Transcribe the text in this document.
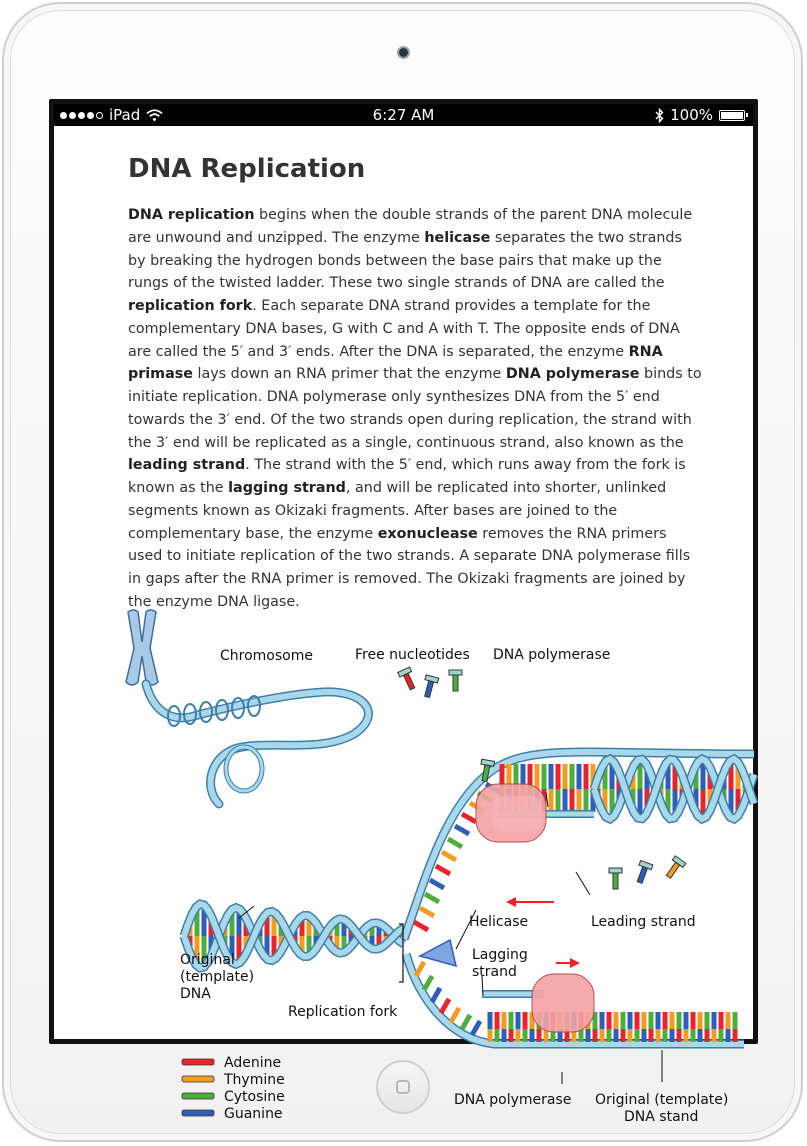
iPad	6:27 AM	100%
DNA Replication

DNA replication begins when the double strands of the parent DNA molecule are unwound and unzipped. The enzyme helicase separates the two strands by breaking the hydrogen bonds between the base pairs that make up the rungs of the twisted ladder. These two single strands of DNA are called the replication fork. Each separate DNA strand provides a template for the complementary DNA bases, G with C and A with T. The opposite ends of DNA are called the 5′ and 3′ ends. After the DNA is separated, the enzyme RNA primase lays down an RNA primer that the enzyme DNA polymerase binds to initiate replication. DNA polymerase only synthesizes DNA from the 5′ end towards the 3′ end. Of the two strands open during replication, the strand with the 3′ end will be replicated as a single, continuous strand, also known as the leading strand. The strand with the 5′ end, which runs away from the fork is known as the lagging strand, and will be replicated into shorter, unlinked segments known as Okizaki fragments. After bases are joined to the complementary base, the enzyme exonuclease removes the RNA primers used to initiate replication of the two strands. A separate DNA polymerase fills in gaps after the RNA primer is removed. The Okizaki fragments are joined by the enzyme DNA ligase.

Chromosome	Free nucleotides DNA polymerase
Helicase	Leading strand
Original
(template)
DNA
Lagging
strand
Replication fork
DNA polymerase Original (template)
DNA stand
Adenine
Thymine
Cytosine
Guanine
